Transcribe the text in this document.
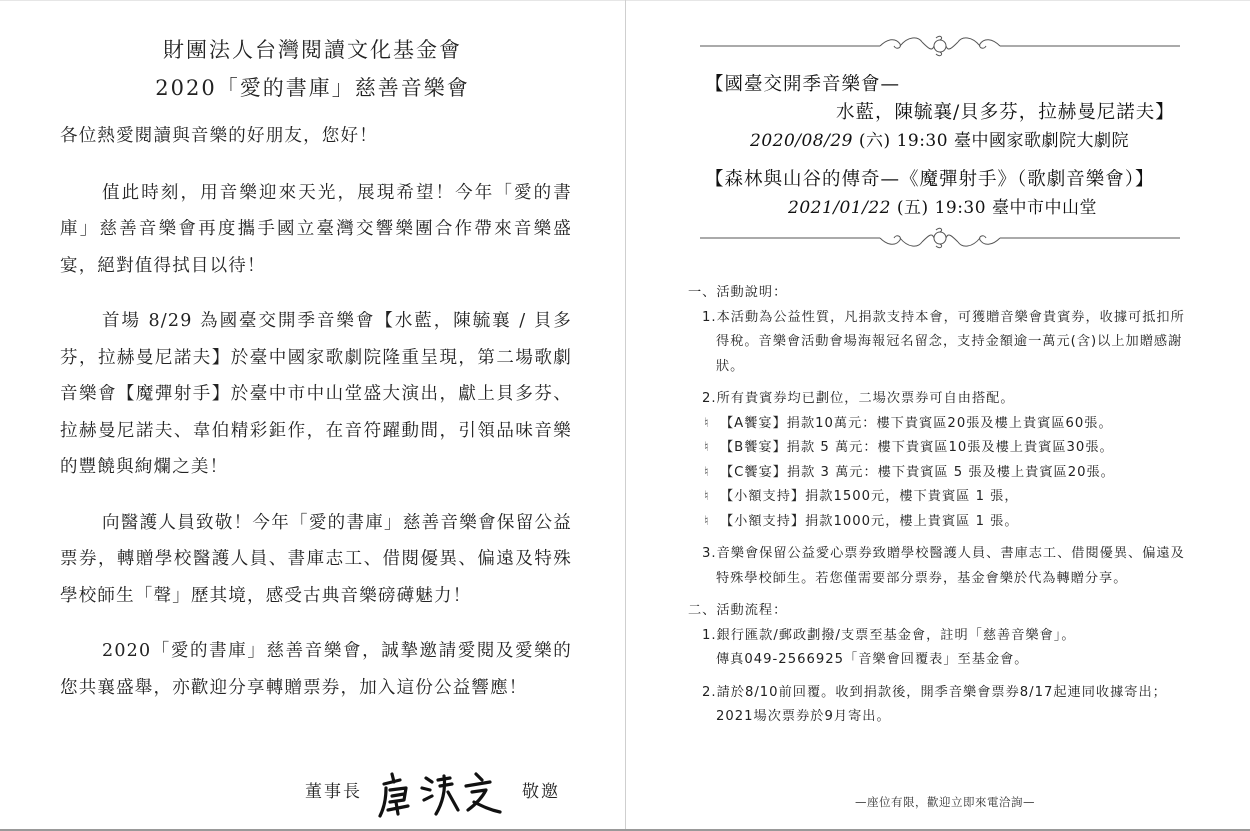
財團法人台灣閱讀文化基金會
2020「愛的書庫」慈善音樂會

各位熱愛閱讀與音樂的好朋友，您好！

值此時刻，用音樂迎來天光，展現希望！今年「愛的書庫」慈善音樂會再度攜手國立臺灣交響樂團合作帶來音樂盛宴，絕對值得拭目以待！

首場 8/29 為國臺交開季音樂會【水藍，陳毓襄 / 貝多芬，拉赫曼尼諾夫】於臺中國家歌劇院隆重呈現，第二場歌劇音樂會【魔彈射手】於臺中市中山堂盛大演出，獻上貝多芬、拉赫曼尼諾夫、韋伯精彩鉅作，在音符躍動間，引領品味音樂的豐饒與絢爛之美！

向醫護人員致敬！今年「愛的書庫」慈善音樂會保留公益票券，轉贈學校醫護人員、書庫志工、借閱優異、偏遠及特殊學校師生「聲」歷其境，感受古典音樂磅礡魅力！

2020「愛的書庫」慈善音樂會，誠摯邀請愛閱及愛樂的您共襄盛舉，亦歡迎分享轉贈票券，加入這份公益響應！

董事長	敬邀
【國臺交開季音樂會—
水藍，陳毓襄/貝多芬，拉赫曼尼諾夫】
2020/08/29 (六) 19:30 臺中國家歌劇院大劇院
【森林與山谷的傳奇—《魔彈射手》（歌劇音樂會）】
2021/01/22 (五) 19:30 臺中市中山堂

一、活動說明：

1.本活動為公益性質，凡捐款支持本會，可獲贈音樂會貴賓券，收據可抵扣所得稅。音樂會活動會場海報冠名留念，支持金額逾一萬元(含)以上加贈感謝狀。

2.所有貴賓券均已劃位，二場次票券可自由搭配。

♮ 【A饗宴】捐款10萬元：樓下貴賓區20張及樓上貴賓區60張。

♮ 【B饗宴】捐款 5 萬元：樓下貴賓區10張及樓上貴賓區30張。

♮ 【C饗宴】捐款 3 萬元：樓下貴賓區 5 張及樓上貴賓區20張。

♮ 【小額支持】捐款1500元，樓下貴賓區 1 張，

♮ 【小額支持】捐款1000元，樓上貴賓區 1 張。

3.音樂會保留公益愛心票券致贈學校醫護人員、書庫志工、借閱優異、偏遠及特殊學校師生。若您僅需要部分票券，基金會樂於代為轉贈分享。

二、活動流程：

1.銀行匯款/郵政劃撥/支票至基金會，註明「慈善音樂會」。

傳真049-2566925「音樂會回覆表」至基金會。

2.請於8/10前回覆。收到捐款後，開季音樂會票券8/17起連同收據寄出；2021場次票券於9月寄出。

—座位有限，歡迎立即來電洽詢—
